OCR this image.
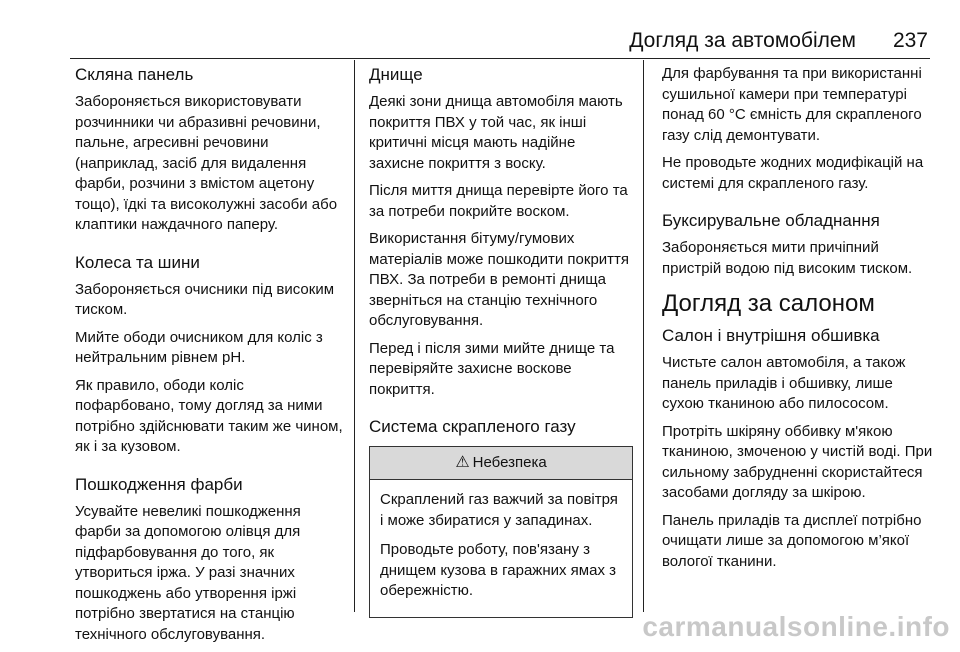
Догляд за автомобілем	237
Скляна панель

Забороняється використовувати розчинники чи абразивні речовини, пальне, агресивні речовини (наприклад, засіб для видалення фарби, розчини з вмістом ацетону тощо), їдкі та високолужні засоби або клаптики наждачного паперу.

Колеса та шини

Забороняється очисники під високим тиском.

Мийте ободи очисником для коліс з нейтральним рівнем pH.

Як правило, ободи коліс пофарбовано, тому догляд за ними потрібно здійснювати таким же чином, як і за кузовом.

Пошкодження фарби

Усувайте невеликі пошкодження фарби за допомогою олівця для підфарбовування до того, як утвориться іржа. У разі значних пошкоджень або утворення іржі потрібно звертатися на станцію технічного обслуговування.

Днище

Деякі зони днища автомобіля мають покриття ПВХ у той час, як інші критичні місця мають надійне захисне покриття з воску.

Після миття днища перевірте його та за потреби покрийте воском.

Використання бітуму/гумових матеріалів може пошкодити покриття ПВХ. За потреби в ремонті днища зверніться на станцію технічного обслуговування.

Перед і після зими мийте днище та перевіряйте захисне воскове покриття.

Система скрапленого газу
⚠ Небезпека

Скраплений газ важчий за повітря і може збиратися у западинах.

Проводьте роботу, пов'язану з днищем кузова в гаражних ямах з обережністю.

Для фарбування та при використанні сушильної камери при температурі понад 60 °C ємність для скрапленого газу слід демонтувати.

Не проводьте жодних модифікацій на системі для скрапленого газу.

Буксирувальне обладнання

Забороняється мити причіпний пристрій водою під високим тиском.

Догляд за салоном
Салон і внутрішня обшивка

Чистьте салон автомобіля, а також панель приладів і обшивку, лише сухою тканиною або пилососом.

Протріть шкіряну оббивку м'якою тканиною, змоченою у чистій воді. При сильному забрудненні скористайтеся засобами догляду за шкірою.

Панель приладів та дисплеї потрібно очищати лише за допомогою м’якої вологої тканини.

carmanualsonline.info
